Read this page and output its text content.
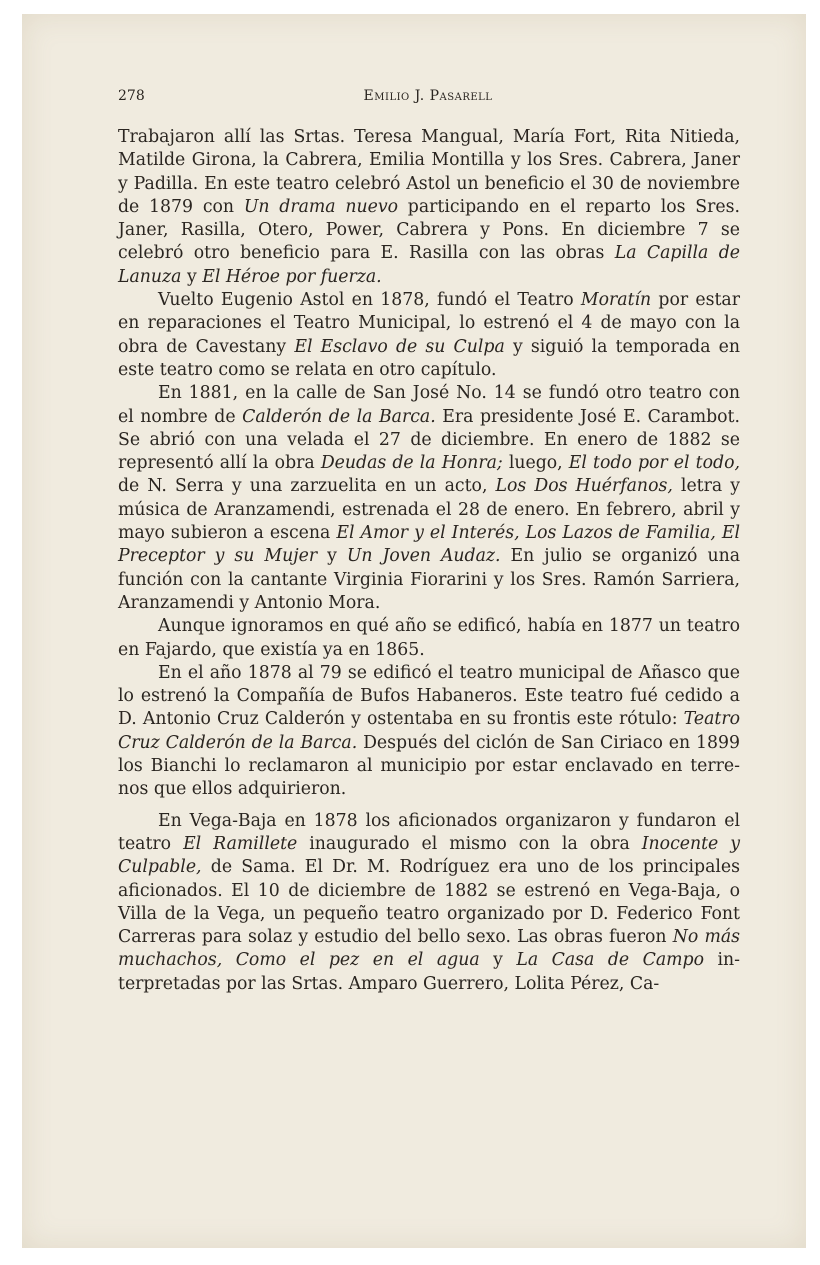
278	Emilio J. Pasarell

Trabajaron allí las Srtas. Teresa Mangual, María Fort, Rita Nitieda, Matilde Girona, la Cabrera, Emilia Montilla y los Sres. Cabrera, Janer y Padilla. En este teatro celebró Astol un beneficio el 30 de noviembre de 1879 con Un drama nuevo participando en el reparto los Sres. Janer, Rasilla, Otero, Power, Cabrera y Pons. En diciembre 7 se celebró otro beneficio para E. Rasilla con las obras La Capilla de Lanuza y El Héroe por fuerza.

Vuelto Eugenio Astol en 1878, fundó el Teatro Moratín por estar en reparaciones el Teatro Municipal, lo estrenó el 4 de mayo con la obra de Cavestany El Esclavo de su Culpa y siguió la temporada en este teatro como se relata en otro capítulo.

En 1881, en la calle de San José No. 14 se fundó otro teatro con el nombre de Calderón de la Barca. Era presidente José E. Carambot. Se abrió con una velada el 27 de diciembre. En enero de 1882 se representó allí la obra Deudas de la Honra; luego, El todo por el todo, de N. Serra y una zarzuelita en un acto, Los Dos Huérfanos, letra y música de Aranzamendi, estrenada el 28 de enero. En febrero, abril y mayo subieron a escena El Amor y el Interés, Los Lazos de Familia, El Preceptor y su Mujer y Un Joven Audaz. En julio se organizó una función con la cantante Virginia Fiorarini y los Sres. Ramón Sarriera, Aranzamendi y Antonio Mora.

Aunque ignoramos en qué año se edificó, había en 1877 un teatro en Fajardo, que existía ya en 1865.

En el año 1878 al 79 se edificó el teatro municipal de Añasco que lo estrenó la Compañía de Bufos Habaneros. Este teatro fué cedido a D. Antonio Cruz Calderón y ostentaba en su frontis este rótulo: Teatro Cruz Calderón de la Barca. Después del ciclón de San Ciriaco en 1899 los Bianchi lo reclamaron al municipio por estar enclavado en terrenos que ellos adquirieron.

En Vega-Baja en 1878 los aficionados organizaron y fundaron el teatro El Ramillete inaugurado el mismo con la obra Inocente y Culpable, de Sama. El Dr. M. Rodríguez era uno de los principales aficionados. El 10 de diciembre de 1882 se estrenó en Vega-Baja, o Villa de la Vega, un pequeño teatro organizado por D. Federico Font Carreras para solaz y estudio del bello sexo. Las obras fueron No más muchachos, Como el pez en el agua y La Casa de Campo interpretadas por las Srtas. Amparo Guerrero, Lolita Pérez, Ca-
